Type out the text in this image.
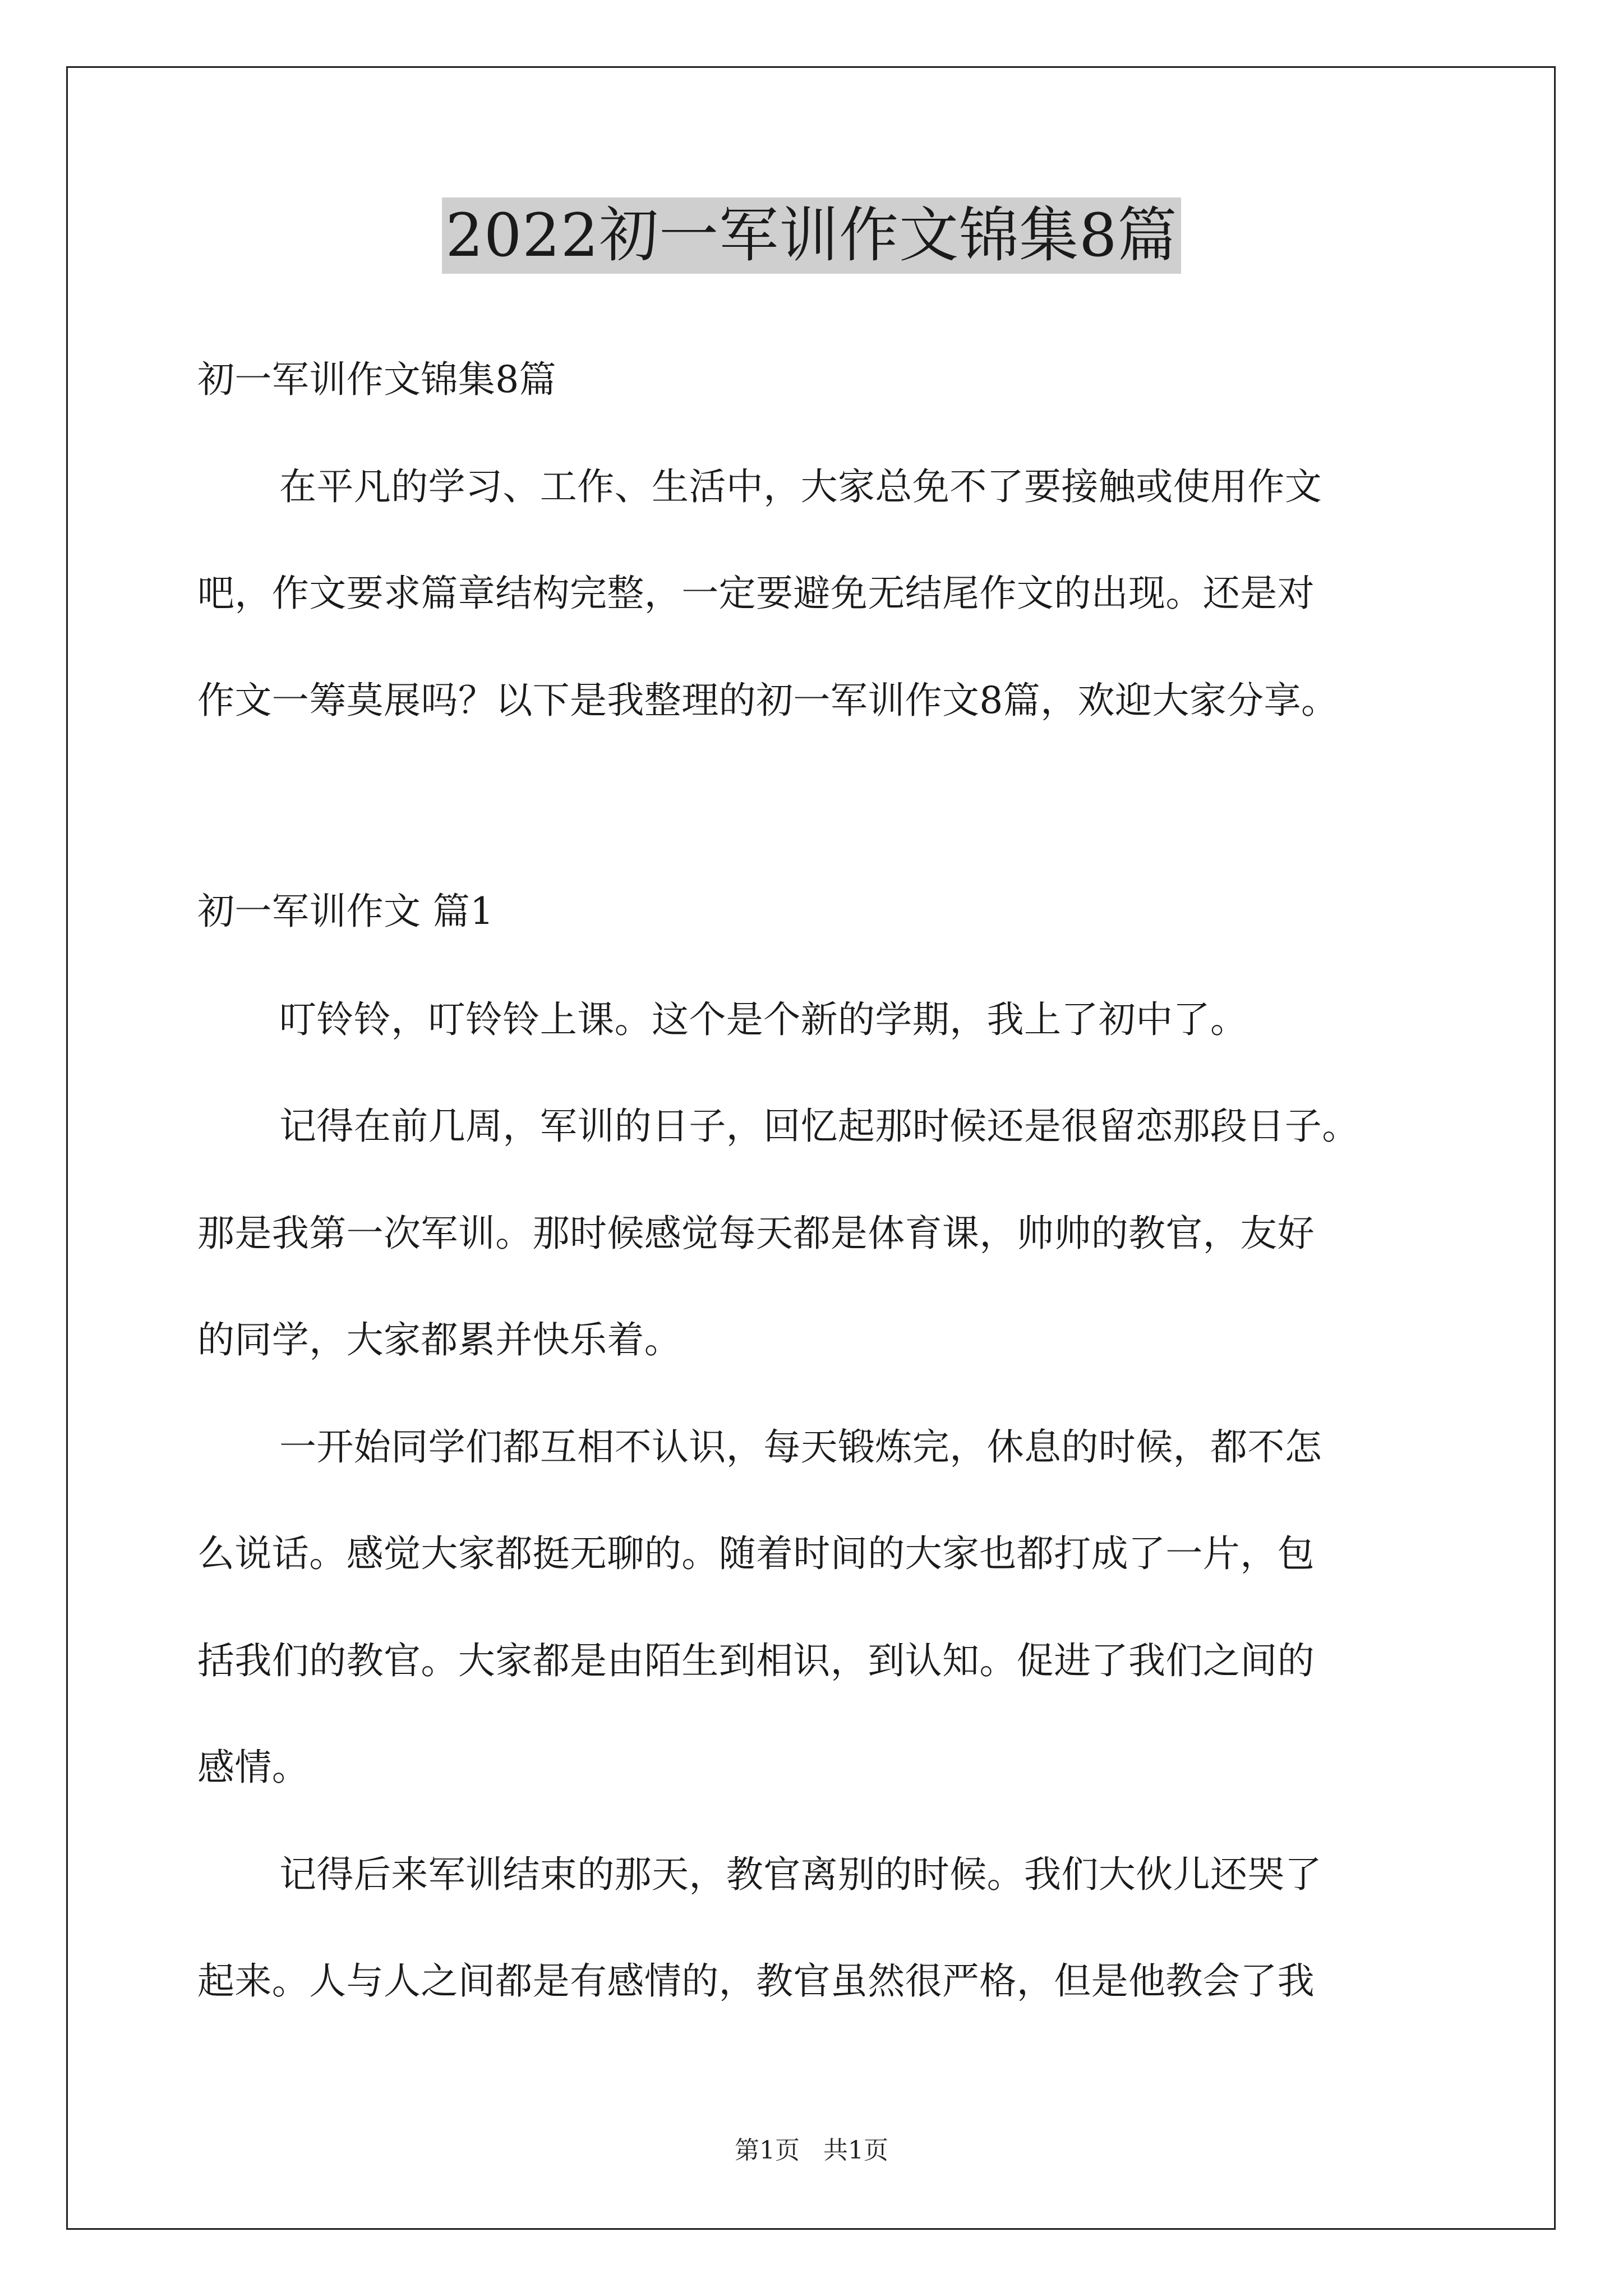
2022初一军训作文锦集8篇
初一军训作文锦集8篇
在平凡的学习、工作、生活中，大家总免不了要接触或使用作文
吧，作文要求篇章结构完整，一定要避免无结尾作文的出现。还是对
作文一筹莫展吗？以下是我整理的初一军训作文8篇，欢迎大家分享。
初一军训作文 篇1
叮铃铃，叮铃铃上课。这个是个新的学期，我上了初中了。
记得在前几周，军训的日子，回忆起那时候还是很留恋那段日子。
那是我第一次军训。那时候感觉每天都是体育课，帅帅的教官，友好
的同学，大家都累并快乐着。
一开始同学们都互相不认识，每天锻炼完，休息的时候，都不怎
么说话。感觉大家都挺无聊的。随着时间的大家也都打成了一片，包
括我们的教官。大家都是由陌生到相识，到认知。促进了我们之间的
感情。
记得后来军训结束的那天，教官离别的时候。我们大伙儿还哭了
起来。人与人之间都是有感情的，教官虽然很严格，但是他教会了我
第1页   共1页
